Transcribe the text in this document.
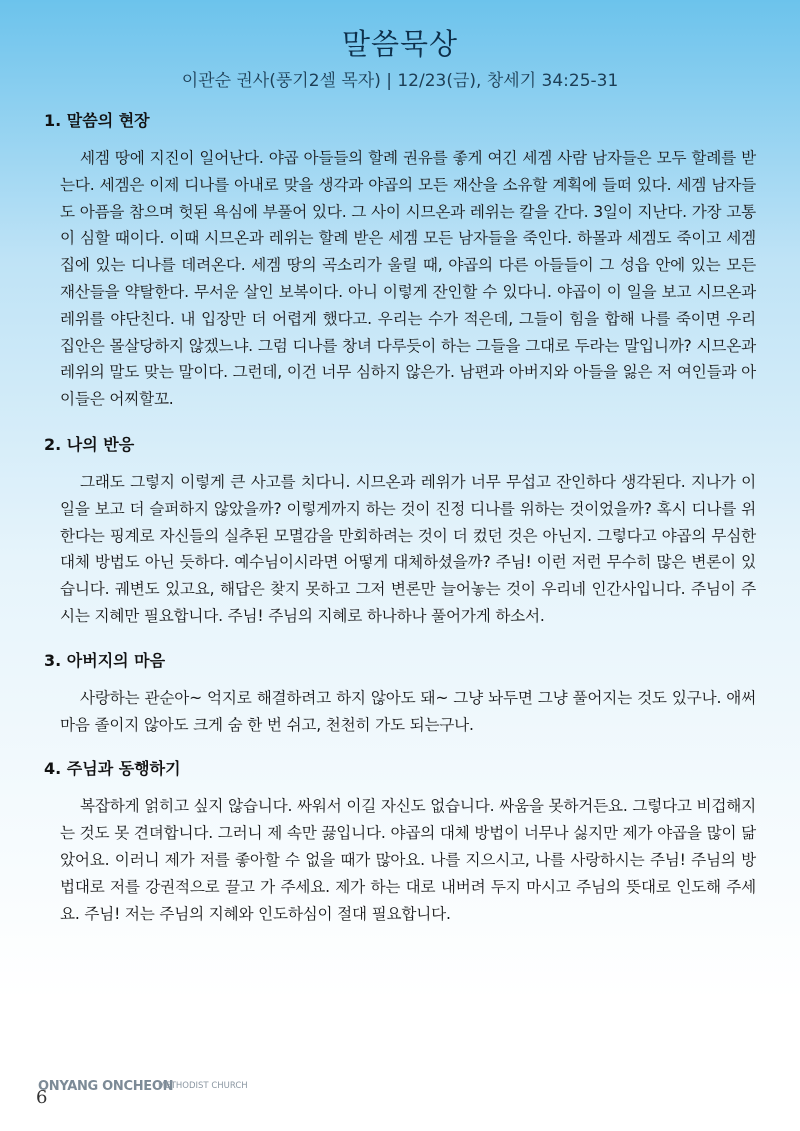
말씀묵상
이관순 권사(풍기2셀 목자) | 12/23(금), 창세기 34:25-31
1. 말씀의 현장

세겜 땅에 지진이 일어난다. 야곱 아들들의 할례 권유를 좋게 여긴 세겜 사람 남자들은 모두 할례를 받는다. 세겜은 이제 디나를 아내로 맞을 생각과 야곱의 모든 재산을 소유할 계획에 들떠 있다. 세겜 남자들도 아픔을 참으며 헛된 욕심에 부풀어 있다. 그 사이 시므온과 레위는 칼을 간다. 3일이 지난다. 가장 고통이 심할 때이다. 이때 시므온과 레위는 할례 받은 세겜 모든 남자들을 죽인다. 하몰과 세겜도 죽이고 세겜 집에 있는 디나를 데려온다. 세겜 땅의 곡소리가 울릴 때, 야곱의 다른 아들들이 그 성읍 안에 있는 모든 재산들을 약탈한다. 무서운 살인 보복이다. 아니 이렇게 잔인할 수 있다니. 야곱이 이 일을 보고 시므온과 레위를 야단친다. 내 입장만 더 어렵게 했다고. 우리는 수가 적은데, 그들이 힘을 합해 나를 죽이면 우리 집안은 몰살당하지 않겠느냐. 그럼 디나를 창녀 다루듯이 하는 그들을 그대로 두라는 말입니까? 시므온과 레위의 말도 맞는 말이다. 그런데, 이건 너무 심하지 않은가. 남편과 아버지와 아들을 잃은 저 여인들과 아이들은 어찌할꼬.

2. 나의 반응

그래도 그렇지 이렇게 큰 사고를 치다니. 시므온과 레위가 너무 무섭고 잔인하다 생각된다. 지나가 이 일을 보고 더 슬퍼하지 않았을까? 이렇게까지 하는 것이 진정 디나를 위하는 것이었을까? 혹시 디나를 위한다는 핑계로 자신들의 실추된 모멸감을 만회하려는 것이 더 컸던 것은 아닌지. 그렇다고 야곱의 무심한 대체 방법도 아닌 듯하다. 예수님이시라면 어떻게 대체하셨을까? 주님! 이런 저런 무수히 많은 변론이 있습니다. 궤변도 있고요, 해답은 찾지 못하고 그저 변론만 늘어놓는 것이 우리네 인간사입니다. 주님이 주시는 지혜만 필요합니다. 주님! 주님의 지혜로 하나하나 풀어가게 하소서.

3. 아버지의 마음

사랑하는 관순아~ 억지로 해결하려고 하지 않아도 돼~ 그냥 놔두면 그냥 풀어지는 것도 있구나. 애써 마음 졸이지 않아도 크게 숨 한 번 쉬고, 천천히 가도 되는구나.

4. 주님과 동행하기

복잡하게 얽히고 싶지 않습니다. 싸워서 이길 자신도 없습니다. 싸움을 못하거든요. 그렇다고 비겁해지는 것도 못 견뎌합니다. 그러니 제 속만 끓입니다. 야곱의 대체 방법이 너무나 싫지만 제가 야곱을 많이 닮았어요. 이러니 제가 저를 좋아할 수 없을 때가 많아요. 나를 지으시고, 나를 사랑하시는 주님! 주님의 방법대로 저를 강권적으로 끌고 가 주세요. 제가 하는 대로 내버려 두지 마시고 주님의 뜻대로 인도해 주세요. 주님! 저는 주님의 지혜와 인도하심이 절대 필요합니다.

ONYANG ONCHEON
METHODIST CHURCH
6
